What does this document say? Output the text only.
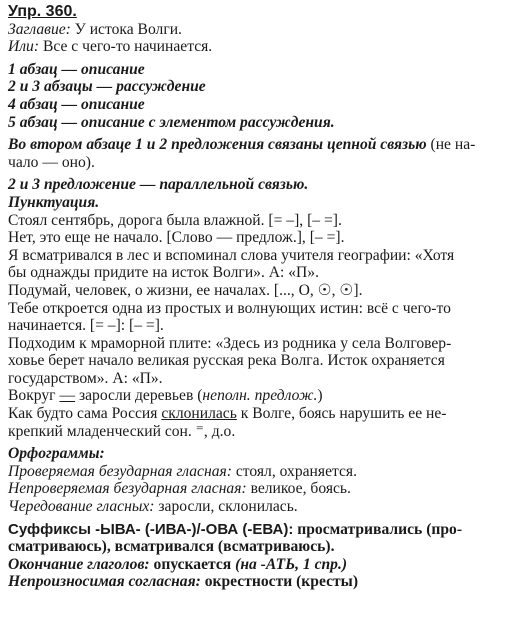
Упр. 360.
Заглавие: У истока Волги.
Или: Все с чего-то начинается.
1 абзац — описание
2 и 3 абзацы — рассуждение
4 абзац — описание
5 абзац — описание с элементом рассуждения.
Во втором абзаце 1 и 2 предложения связаны цепной связью (не на-
чало — оно).
2 и 3 предложение — параллельной связью.
Пунктуация.
Стоял сентябрь, дорога была влажной. [= –], [– =].
Нет, это еще не начало. [Слово — предлож.], [– =].
Я всматривался в лес и вспоминал слова учителя географии: «Хотя
бы однажды придите на исток Волги». А: «П».
Подумай, человек, о жизни, ее началах. [..., О, ☉, ☉].
Тебе откроется одна из простых и волнующих истин: всё с чего-то
начинается. [= –]: [– =].
Подходим к мраморной плите: «Здесь из родника у села Волговер-
ховье берет начало великая русская река Волга. Исток охраняется
государством». А: «П».
Вокруг — заросли деревьев (неполн. предлож.)
Как будто сама Россия склонилась к Волге, боясь нарушить ее не-
крепкий младенческий сон. ⁼, д.о.
Орфограммы:
Проверяемая безударная гласная: стоял, охраняется.
Непроверяемая безударная гласная: великое, боясь.
Чередование гласных: заросли, склонилась.
Суффиксы -ЫВА- (-ИВА-)/-ОВА (-ЕВА): просматривались (про-
сматриваюсь), всматривался (всматриваюсь).
Окончание глаголов: опускается (на -АТЬ, 1 спр.)
Непроизносимая согласная: окрестности (кресты)
